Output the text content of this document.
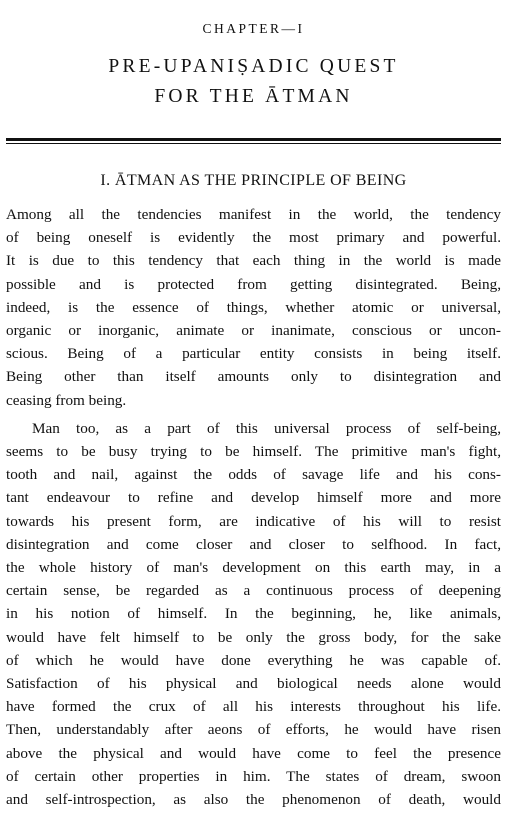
CHAPTER—I
PRE-UPANIṢADIC QUEST
FOR THE ĀTMAN
I. ĀTMAN AS THE PRINCIPLE OF BEING
Among all the tendencies manifest in the world, the tendency
of being oneself is evidently the most primary and powerful.
It is due to this tendency that each thing in the world is made
possible and is protected from getting disintegrated. Being,
indeed, is the essence of things, whether atomic or universal,
organic or inorganic, animate or inanimate, conscious or uncon-
scious. Being of a particular entity consists in being itself.
Being other than itself amounts only to disintegration and
ceasing from being.
Man too, as a part of this universal process of self-being,
seems to be busy trying to be himself. The primitive man's fight,
tooth and nail, against the odds of savage life and his cons-
tant endeavour to refine and develop himself more and more
towards his present form, are indicative of his will to resist
disintegration and come closer and closer to selfhood. In fact,
the whole history of man's development on this earth may, in a
certain sense, be regarded as a continuous process of deepening
in his notion of himself. In the beginning, he, like animals,
would have felt himself to be only the gross body, for the sake
of which he would have done everything he was capable of.
Satisfaction of his physical and biological needs alone would
have formed the crux of all his interests throughout his life.
Then, understandably after aeons of efforts, he would have risen
above the physical and would have come to feel the presence
of certain other properties in him. The states of dream, swoon
and self-introspection, as also the phenomenon of death, would
